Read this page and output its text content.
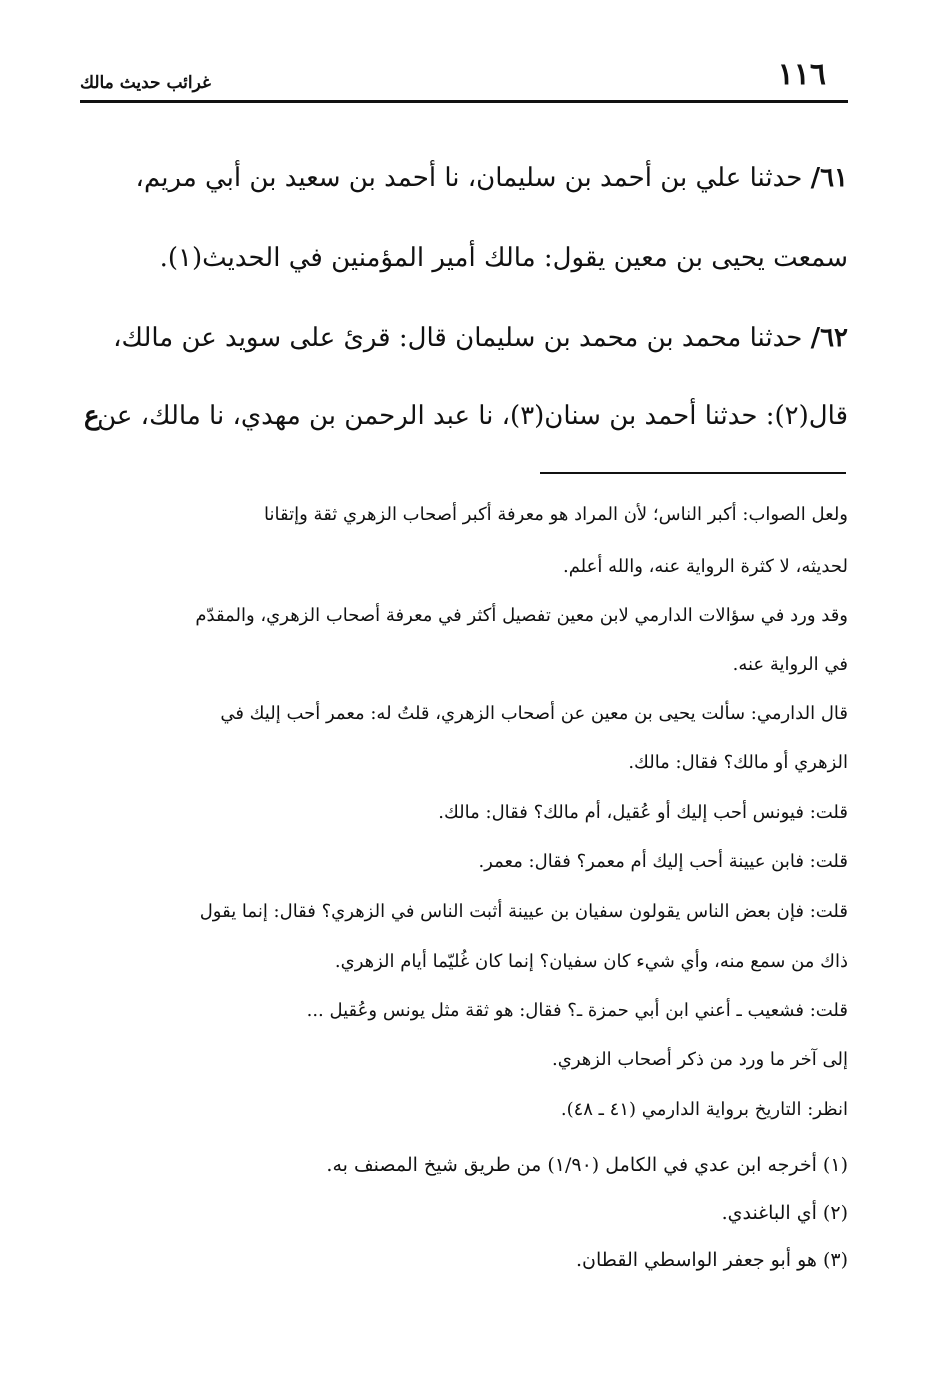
١١٦
غرائب حديث مالك
٦١/ حدثنا علي بن أحمد بن سليمان، نا أحمد بن سعيد بن أبي مريم،
سمعت يحيى بن معين يقول: مالك أمير المؤمنين في الحديث(١).
٦٢/ حدثنا محمد بن محمد بن سليمان قال: قرئ على سويد عن مالك،
قال(٢): حدثنا أحمد بن سنان(٣)، نا عبد الرحمن بن مهدي، نا مالك، عن
ع
ولعل الصواب: أكبر الناس؛ لأن المراد هو معرفة أكبر أصحاب الزهري ثقة وإتقانا
لحديثه، لا كثرة الرواية عنه، والله أعلم.
وقد ورد في سؤالات الدارمي لابن معين تفصيل أكثر في معرفة أصحاب الزهري، والمقدّم
في الرواية عنه.
قال الدارمي: سألت يحيى بن معين عن أصحاب الزهري، قلتُ له: معمر أحب إليك في
الزهري أو مالك؟ فقال: مالك.
قلت: فيونس أحب إليك أو عُقيل، أم مالك؟ فقال: مالك.
قلت: فابن عيينة أحب إليك أم معمر؟ فقال: معمر.
قلت: فإن بعض الناس يقولون سفيان بن عيينة أثبت الناس في الزهري؟ فقال: إنما يقول
ذاك من سمع منه، وأي شيء كان سفيان؟ إنما كان غُليّما أيام الزهري.
قلت: فشعيب ـ أعني ابن أبي حمزة ـ؟ فقال: هو ثقة مثل يونس وعُقيل ...
إلى آخر ما ورد من ذكر أصحاب الزهري.
انظر: التاريخ برواية الدارمي (٤١ ـ ٤٨).
(١) أخرجه ابن عدي في الكامل (١/٩٠) من طريق شيخ المصنف به.
(٢) أي الباغندي.
(٣) هو أبو جعفر الواسطي القطان.
